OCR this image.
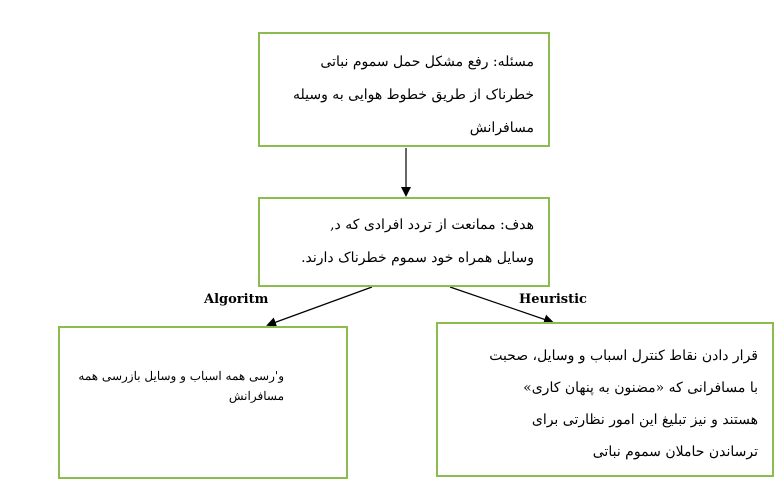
مسئله: رفع مشکل حمل سموم نباتی
خطرناک از طریق خطوط هوایی به وسیله
مسافرانش
هدف: ممانعت از تردد افرادی که د,
وسایل همراه خود سموم خطرناک دارند.
Algoritm	Heuristic
و'رسی همه اسباب و وسایل بازرسی همه
مسافرانش
قرار دادن نقاط کنترل اسباب و وسایل، صحبت
با مسافرانی که «مضنون به پنهان کاری»
هستند و نیز تبلیغ این امور نظارتی برای
ترساندن حاملان سموم نباتی
